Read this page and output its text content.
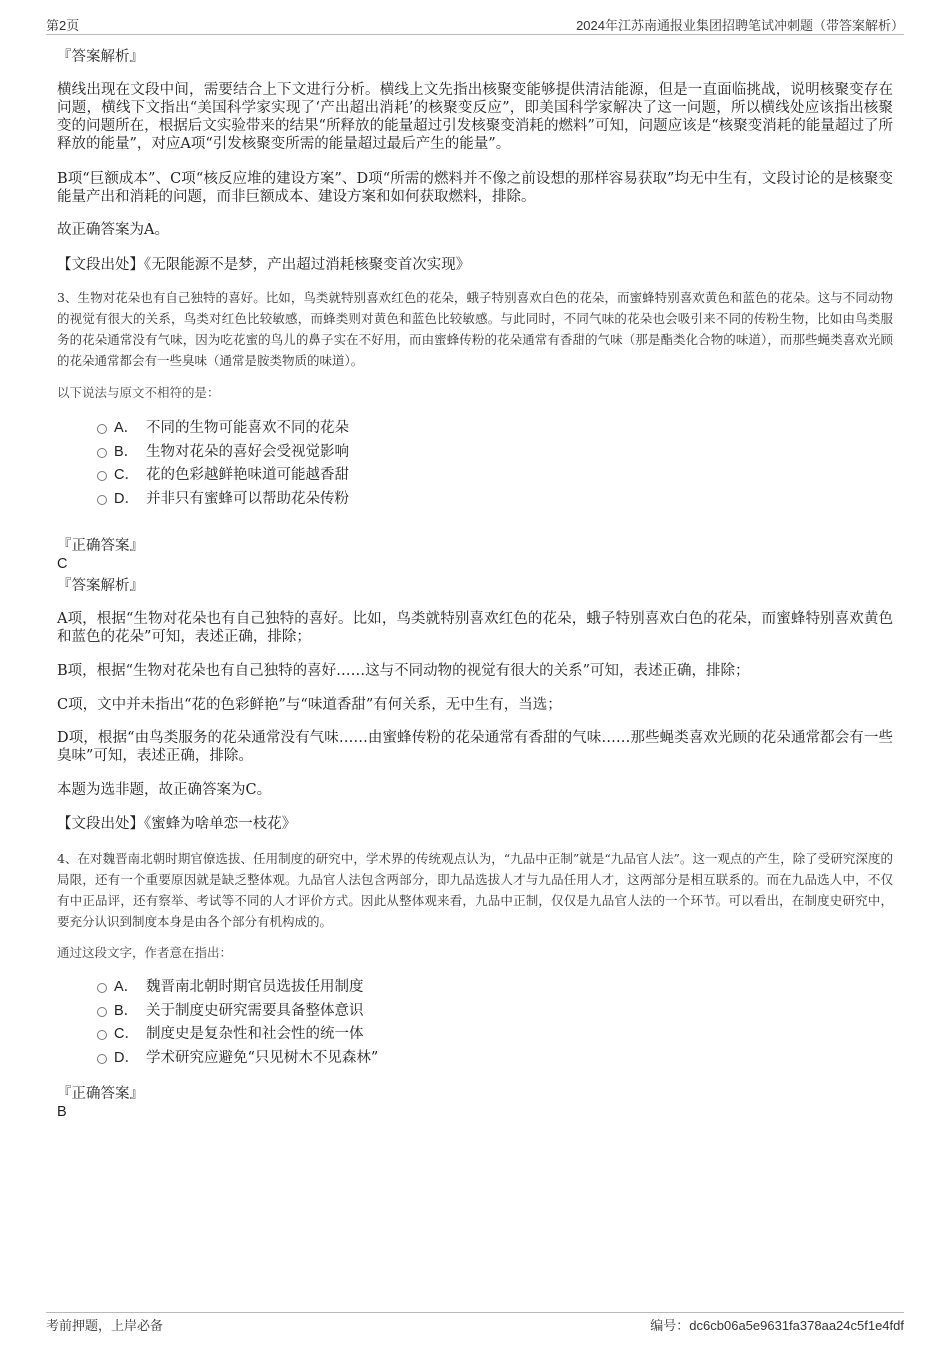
第2页	2024年江苏南通报业集团招聘笔试冲刺题（带答案解析）
『答案解析』
横线出现在文段中间，需要结合上下文进行分析。横线上文先指出核聚变能够提供清洁能源，但是一直面临挑战，说明核聚变存在问题，横线下文指出“美国科学家实现了‘产出超出消耗’的核聚变反应”，即美国科学家解决了这一问题，所以横线处应该指出核聚变的问题所在，根据后文实验带来的结果“所释放的能量超过引发核聚变消耗的燃料”可知，问题应该是“核聚变消耗的能量超过了所释放的能量”，对应A项“引发核聚变所需的能量超过最后产生的能量”。
B项“巨额成本”、C项“核反应堆的建设方案”、D项“所需的燃料并不像之前设想的那样容易获取”均无中生有，文段讨论的是核聚变能量产出和消耗的问题，而非巨额成本、建设方案和如何获取燃料，排除。
故正确答案为A。
【文段出处】《无限能源不是梦，产出超过消耗核聚变首次实现》
3、生物对花朵也有自己独特的喜好。比如，鸟类就特别喜欢红色的花朵，蛾子特别喜欢白色的花朵，而蜜蜂特别喜欢黄色和蓝色的花朵。这与不同动物的视觉有很大的关系，鸟类对红色比较敏感，而蜂类则对黄色和蓝色比较敏感。与此同时，不同气味的花朵也会吸引来不同的传粉生物，比如由鸟类服务的花朵通常没有气味，因为吃花蜜的鸟儿的鼻子实在不好用，而由蜜蜂传粉的花朵通常有香甜的气味（那是酯类化合物的味道），而那些蝇类喜欢光顾的花朵通常都会有一些臭味（通常是胺类物质的味道）。
以下说法与原文不相符的是：
A． 不同的生物可能喜欢不同的花朵
B． 生物对花朵的喜好会受视觉影响
C． 花的色彩越鲜艳味道可能越香甜
D． 并非只有蜜蜂可以帮助花朵传粉
『正确答案』
C
『答案解析』
A项，根据“生物对花朵也有自己独特的喜好。比如，鸟类就特别喜欢红色的花朵，蛾子特别喜欢白色的花朵，而蜜蜂特别喜欢黄色和蓝色的花朵”可知，表述正确，排除；
B项，根据“生物对花朵也有自己独特的喜好……这与不同动物的视觉有很大的关系”可知，表述正确，排除；
C项，文中并未指出“花的色彩鲜艳”与“味道香甜”有何关系，无中生有，当选；
D项，根据“由鸟类服务的花朵通常没有气味……由蜜蜂传粉的花朵通常有香甜的气味……那些蝇类喜欢光顾的花朵通常都会有一些臭味”可知，表述正确，排除。
本题为选非题，故正确答案为C。
【文段出处】《蜜蜂为啥单恋一枝花》
4、在对魏晋南北朝时期官僚选拔、任用制度的研究中，学术界的传统观点认为，“九品中正制”就是“九品官人法”。这一观点的产生，除了受研究深度的局限，还有一个重要原因就是缺乏整体观。九品官人法包含两部分，即九品选拔人才与九品任用人才，这两部分是相互联系的。而在九品选人中，不仅有中正品评，还有察举、考试等不同的人才评价方式。因此从整体观来看，九品中正制，仅仅是九品官人法的一个环节。可以看出，在制度史研究中，要充分认识到制度本身是由各个部分有机构成的。
通过这段文字，作者意在指出：
A． 魏晋南北朝时期官员选拔任用制度
B． 关于制度史研究需要具备整体意识
C． 制度史是复杂性和社会性的统一体
D． 学术研究应避免“只见树木不见森林”
『正确答案』
B
考前押题，上岸必备	编号：dc6cb06a5e9631fa378aa24c5f1e4fdf
